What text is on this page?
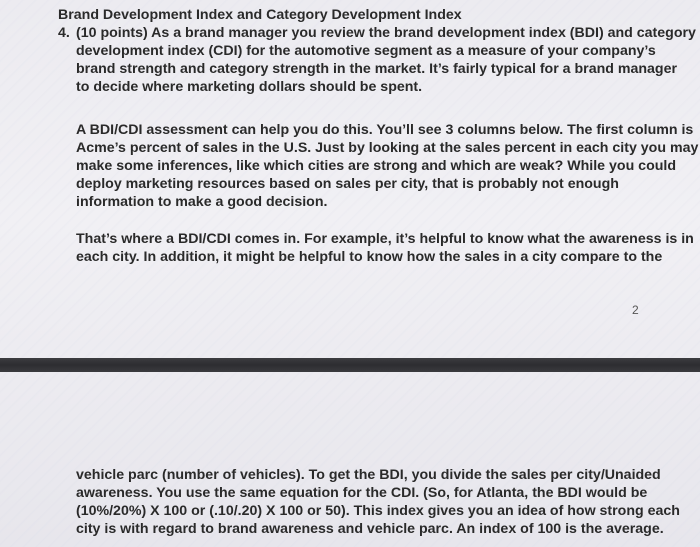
Brand Development Index and Category Development Index
4. (10 points) As a brand manager you review the brand development index (BDI) and category
development index (CDI) for the automotive segment as a measure of your company’s
brand strength and category strength in the market. It’s fairly typical for a brand manager
to decide where marketing dollars should be spent.
A BDI/CDI assessment can help you do this. You’ll see 3 columns below. The first column is
Acme’s percent of sales in the U.S. Just by looking at the sales percent in each city you may
make some inferences, like which cities are strong and which are weak? While you could
deploy marketing resources based on sales per city, that is probably not enough
information to make a good decision.
That’s where a BDI/CDI comes in. For example, it’s helpful to know what the awareness is in
each city. In addition, it might be helpful to know how the sales in a city compare to the
2
vehicle parc (number of vehicles). To get the BDI, you divide the sales per city/Unaided
awareness. You use the same equation for the CDI. (So, for Atlanta, the BDI would be
(10%/20%) X 100 or (.10/.20) X 100 or 50). This index gives you an idea of how strong each
city is with regard to brand awareness and vehicle parc. An index of 100 is the average.
